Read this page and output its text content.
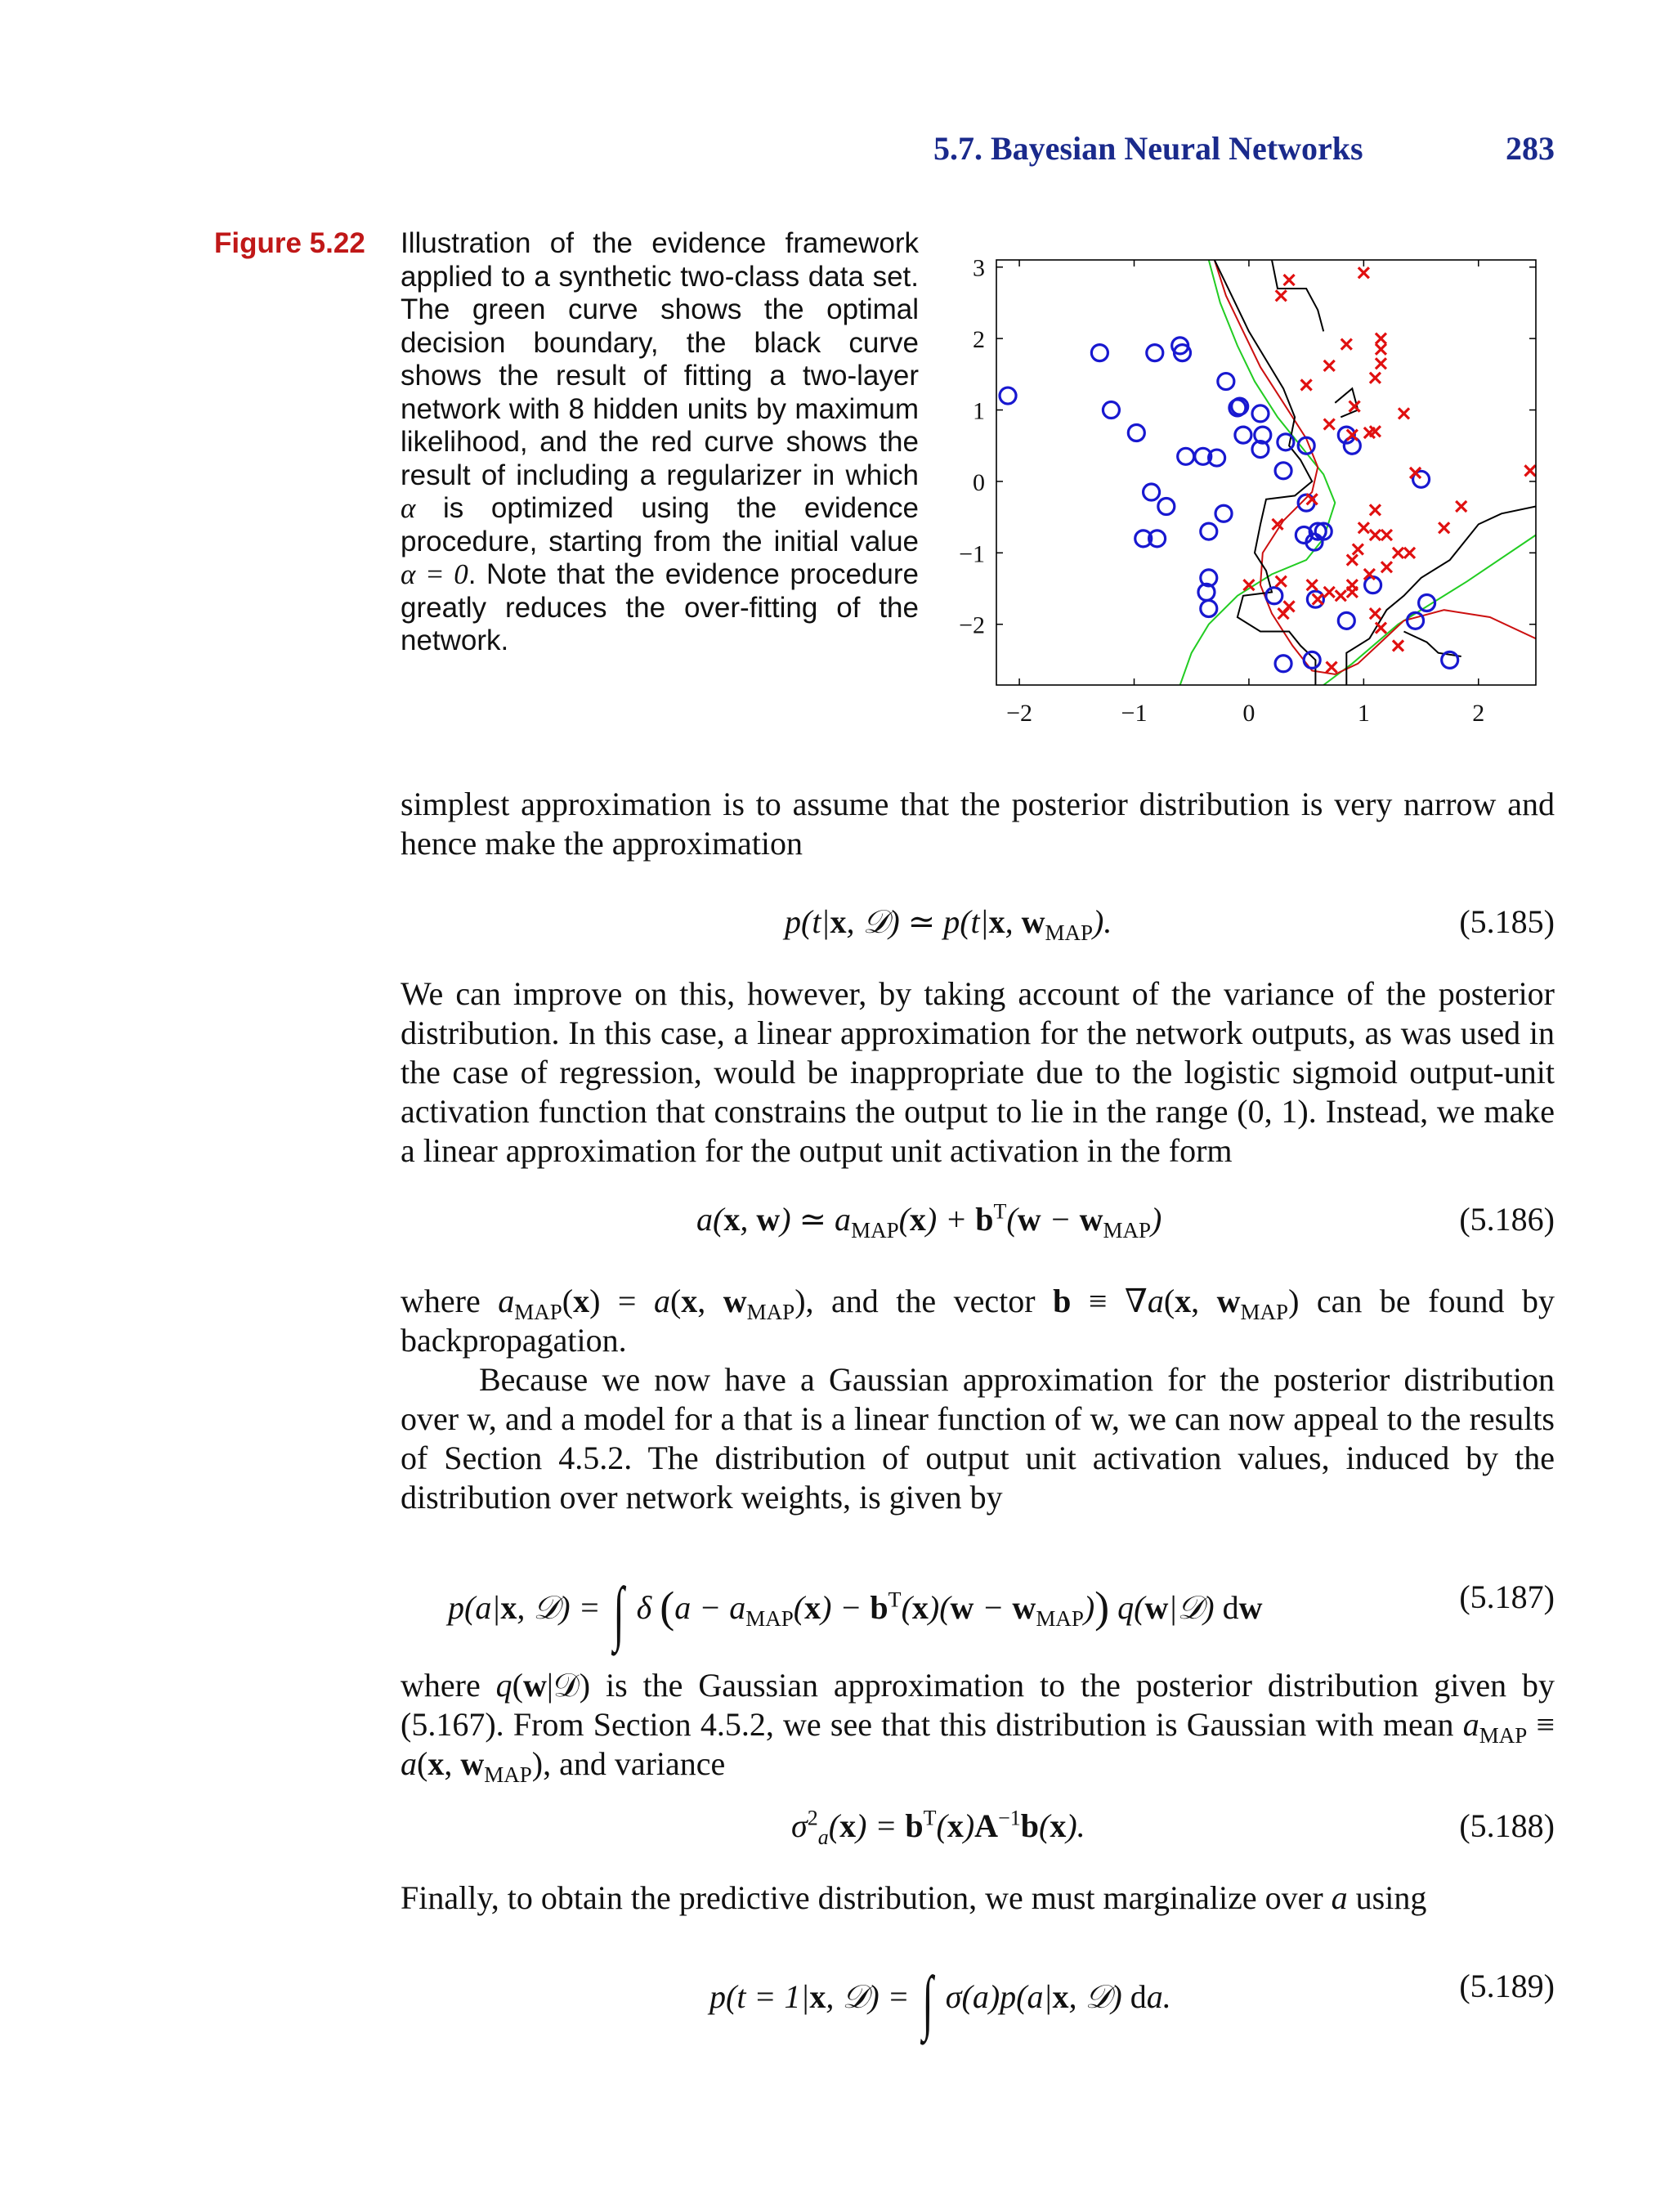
5.7. Bayesian Neural Networks	283
Figure 5.22 Illustration of the evidence framework applied to a synthetic two-class data set. The green curve shows the optimal decision boundary, the black curve shows the result of fitting a two-layer network with 8 hidden units by maximum likelihood, and the red curve shows the result of including a regularizer in which α is optimized using the evidence procedure, starting from the initial value α = 0. Note that the evidence procedure greatly reduces the over-fitting of the network.
−2	−1	0	1	2
3
2
1
0
−1
−2

simplest approximation is to assume that the posterior distribution is very narrow and hence make the approximation

p(t|x, 𝒟) ≃ p(t|x, $w_{MAP}$).	(5.185)

We can improve on this, however, by taking account of the variance of the posterior distribution. In this case, a linear approximation for the network outputs, as was used in the case of regression, would be inappropriate due to the logistic sigmoid output-unit activation function that constrains the output to lie in the range (0, 1). Instead, we make a linear approximation for the output unit activation in the form

a(x, w) ≃ $a_{MAP}(x) + b^T(w - w_{MAP})$	(5.186)

where $a_{MAP}(x) = a(x$, $w_{MAP}$), and the vector b ≡ ∇a(x, $w_{MAP}$) can be found by backpropagation.

Because we now have a Gaussian approximation for the posterior distribution over w, and a model for a that is a linear function of w, we can now appeal to the results of Section 4.5.2. The distribution of output unit activation values, induced by the distribution over network weights, is given by

p(a|x, 𝒟) = ∫ δ $(a - a_{MAP}(x) - b^T(x)(w - w_{MAP}))$ q(w|𝒟) dw	(5.187)

where q(w|𝒟) is the Gaussian approximation to the posterior distribution given by (5.167). From Section 4.5.2, we see that this distribution is Gaussian with mean $a_{MAP} \equiv a(x$, $w_{MAP}$), and variance

$\sigma^2_a(x) = b^T(x)A^{-1}b(x)$.	(5.188)

Finally, to obtain the predictive distribution, we must marginalize over a using

p(t = 1|x, 𝒟) = ∫ σ(a)p(a|x, 𝒟) da.	(5.189)
